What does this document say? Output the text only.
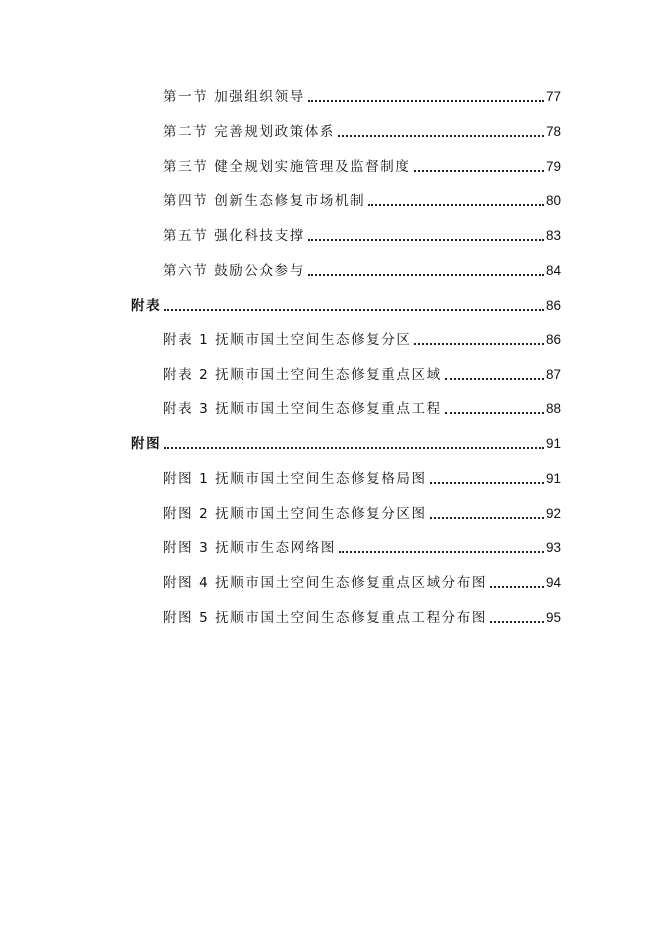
第一节 加强组织领导	77
第二节 完善规划政策体系	78
第三节 健全规划实施管理及监督制度	79
第四节 创新生态修复市场机制	80
第五节 强化科技支撑	83
第六节 鼓励公众参与	84
附表	86
附表 1 抚顺市国土空间生态修复分区	86
附表 2 抚顺市国土空间生态修复重点区域	87
附表 3 抚顺市国土空间生态修复重点工程	88
附图	91
附图 1 抚顺市国土空间生态修复格局图	91
附图 2 抚顺市国土空间生态修复分区图	92
附图 3 抚顺市生态网络图	93
附图 4 抚顺市国土空间生态修复重点区域分布图	94
附图 5 抚顺市国土空间生态修复重点工程分布图	95
